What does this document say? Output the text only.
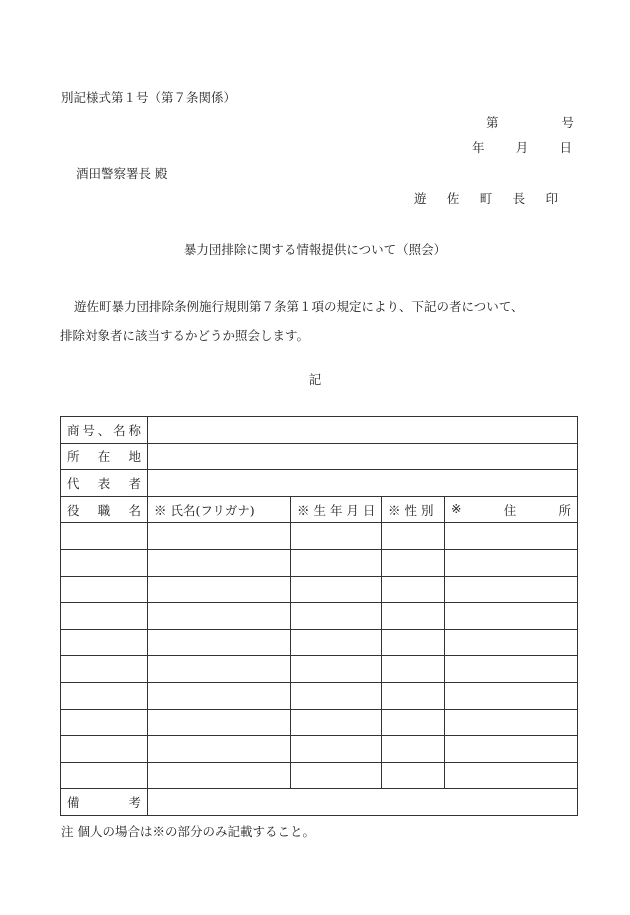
別記様式第１号（第７条関係）
第	号
年 月 日
酒田警察署長 殿
遊 佐 町 長 印
暴力団排除に関する情報提供について（照会）

遊佐町暴力団排除条例施行規則第７条第１項の規定により、下記の者について、

排除対象者に該当するかどうか照会します。

記
商 号 、 名 称				

所 在 地				

代 表 者				

役 職 名	※ 氏名(フリガナ)	※ 生 年 月 日	※ 性 別	※ 住 所

備 考				

注 個人の場合は※の部分のみ記載すること。
